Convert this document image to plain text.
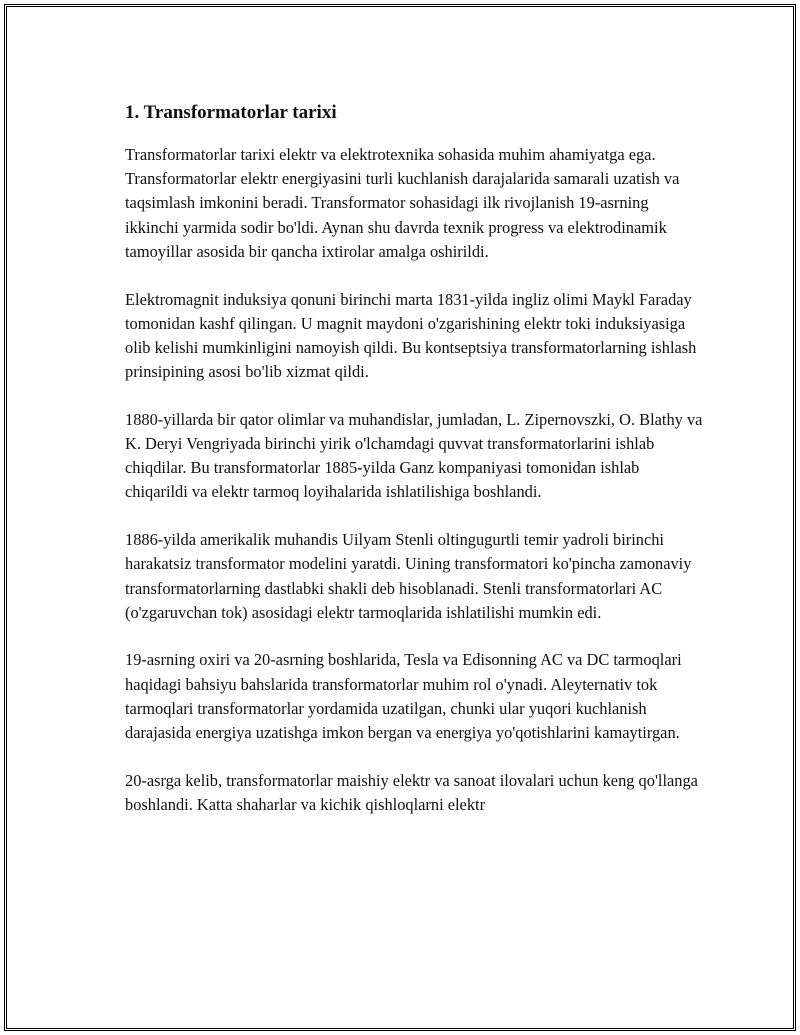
1. Transformatorlar tarixi

Transformatorlar tarixi elektr va elektrotexnika sohasida muhim ahamiyatga ega. Transformatorlar elektr energiyasini turli kuchlanish darajalarida samarali uzatish va taqsimlash imkonini beradi. Transformator sohasidagi ilk rivojlanish 19-asrning ikkinchi yarmida sodir bo'ldi. Aynan shu davrda texnik progress va elektrodinamik tamoyillar asosida bir qancha ixtirolar amalga oshirildi.

Elektromagnit induksiya qonuni birinchi marta 1831-yilda ingliz olimi Maykl Faraday tomonidan kashf qilingan. U magnit maydoni o'zgarishining elektr toki induksiyasiga olib kelishi mumkinligini namoyish qildi. Bu kontseptsiya transformatorlarning ishlash prinsipining asosi bo'lib xizmat qildi.

1880-yillarda bir qator olimlar va muhandislar, jumladan, L. Zipernovszki, O. Blathy va K. Deryi Vengriyada birinchi yirik o'lchamdagi quvvat transformatorlarini ishlab chiqdilar. Bu transformatorlar 1885-yilda Ganz kompaniyasi tomonidan ishlab chiqarildi va elektr tarmoq loyihalarida ishlatilishiga boshlandi.

1886-yilda amerikalik muhandis Uilyam Stenli oltingugurtli temir yadroli birinchi harakatsiz transformator modelini yaratdi. Uining transformatori ko'pincha zamonaviy transformatorlarning dastlabki shakli deb hisoblanadi. Stenli transformatorlari AC (o'zgaruvchan tok) asosidagi elektr tarmoqlarida ishlatilishi mumkin edi.

19-asrning oxiri va 20-asrning boshlarida, Tesla va Edisonning AC va DC tarmoqlari haqidagi bahsiyu bahslarida transformatorlar muhim rol o'ynadi. Aleyternativ tok tarmoqlari transformatorlar yordamida uzatilgan, chunki ular yuqori kuchlanish darajasida energiya uzatishga imkon bergan va energiya yo'qotishlarini kamaytirgan.

20-asrga kelib, transformatorlar maishiy elektr va sanoat ilovalari uchun keng qo'llanga boshlandi. Katta shaharlar va kichik qishloqlarni elektr
